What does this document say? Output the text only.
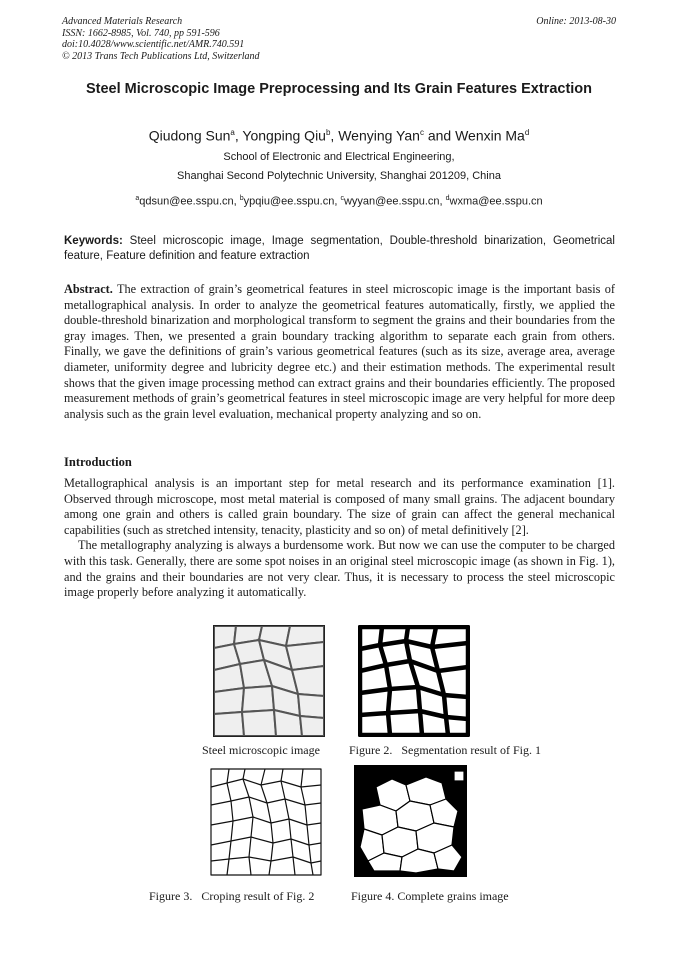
Advanced Materials Research
ISSN: 1662-8985, Vol. 740, pp 591-596
doi:10.4028/www.scientific.net/AMR.740.591
© 2013 Trans Tech Publications Ltd, Switzerland
Online: 2013-08-30
Steel Microscopic Image Preprocessing and Its Grain Features Extraction
Qiudong Sun$^a$, Yongping Qiu$^b$, Wenying Yan$^c$ and Wenxin Ma$^d$
School of Electronic and Electrical Engineering,
Shanghai Second Polytechnic University, Shanghai 201209, China
$^a$qdsun@ee.sspu.cn, $^b$ypqiu@ee.sspu.cn, $^c$wyyan@ee.sspu.cn, $^d$wxma@ee.sspu.cn
Keywords: Steel microscopic image, Image segmentation, Double-threshold binarization, Geometrical feature, Feature definition and feature extraction

Abstract. The extraction of grain’s geometrical features in steel microscopic image is the important basis of metallographical analysis. In order to analyze the geometrical features automatically, firstly, we applied the double-threshold binarization and morphological transform to segment the grains and their boundaries from the gray images. Then, we presented a grain boundary tracking algorithm to separate each grain from others. Finally, we gave the definitions of grain’s various geometrical features (such as its size, average area, average diameter, uniformity degree and lubricity degree etc.) and their estimation methods. The experimental result shows that the given image processing method can extract grains and their boundaries efficiently. The proposed measurement methods of grain’s geometrical features in steel microscopic image are very helpful for more deep analysis such as the grain level evaluation, mechanical property analyzing and so on.

Introduction

Metallographical analysis is an important step for metal research and its performance examination [1]. Observed through microscope, most metal material is composed of many small grains. The adjacent boundary among one grain and others is called grain boundary. The size of grain can affect the general mechanical capabilities (such as stretched intensity, tenacity, plasticity and so on) of metal definitively [2].

The metallography analyzing is always a burdensome work. But now we can use the computer to be charged with this task. Generally, there are some spot noises in an original steel microscopic image (as shown in Fig. 1), and the grains and their boundaries are not very clear. Thus, it is necessary to process the steel microscopic image properly before analyzing it automatically.

Steel microscopic image Figure 2.   Segmentation result of Fig. 1
Figure 3.   Croping result of Fig. 2	Figure 4. Complete grains image
